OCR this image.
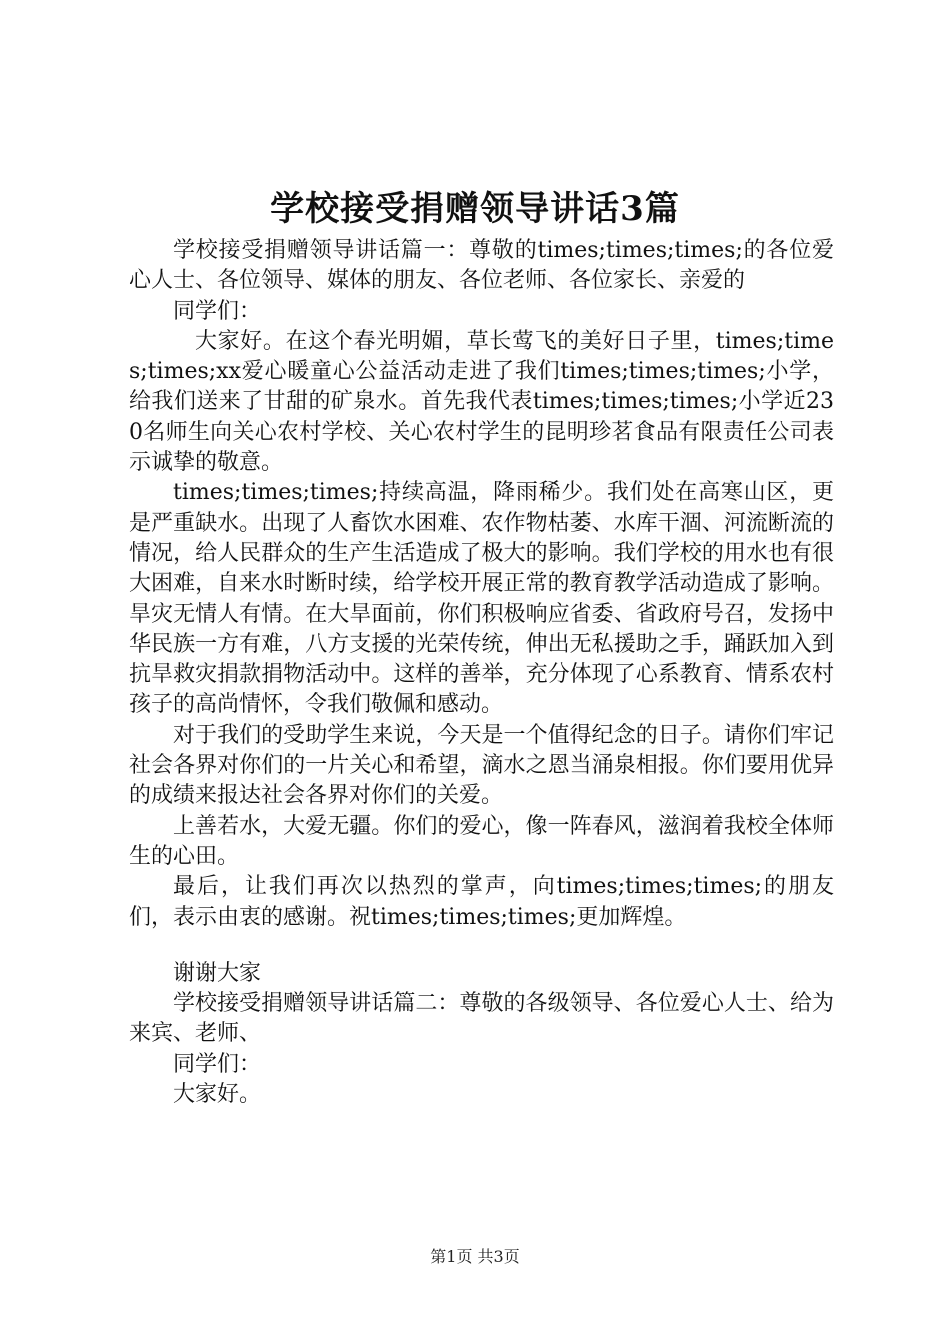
学校接受捐赠领导讲话3篇

学校接受捐赠领导讲话篇一：尊敬的times;times;times;的各位爱心人士、各位领导、媒体的朋友、各位老师、各位家长、亲爱的

同学们：

大家好。在这个春光明媚，草长莺飞的美好日子里，times;times;times;xx爱心暖童心公益活动走进了我们times;times;times;小学，给我们送来了甘甜的矿泉水。首先我代表times;times;times;小学近230名师生向关心农村学校、关心农村学生的昆明珍茗食品有限责任公司表示诚挚的敬意。

times;times;times;持续高温，降雨稀少。我们处在高寒山区，更是严重缺水。出现了人畜饮水困难、农作物枯萎、水库干涸、河流断流的情况，给人民群众的生产生活造成了极大的影响。我们学校的用水也有很大困难，自来水时断时续，给学校开展正常的教育教学活动造成了影响。旱灾无情人有情。在大旱面前，你们积极响应省委、省政府号召，发扬中华民族一方有难，八方支援的光荣传统，伸出无私援助之手，踊跃加入到抗旱救灾捐款捐物活动中。这样的善举，充分体现了心系教育、情系农村孩子的高尚情怀，令我们敬佩和感动。

对于我们的受助学生来说，今天是一个值得纪念的日子。请你们牢记社会各界对你们的一片关心和希望，滴水之恩当涌泉相报。你们要用优异的成绩来报达社会各界对你们的关爱。

上善若水，大爱无疆。你们的爱心，像一阵春风，滋润着我校全体师生的心田。

最后，让我们再次以热烈的掌声，向times;times;times;的朋友们，表示由衷的感谢。祝times;times;times;更加辉煌。

谢谢大家

学校接受捐赠领导讲话篇二：尊敬的各级领导、各位爱心人士、给为来宾、老师、

同学们：

大家好。

第1页 共3页
